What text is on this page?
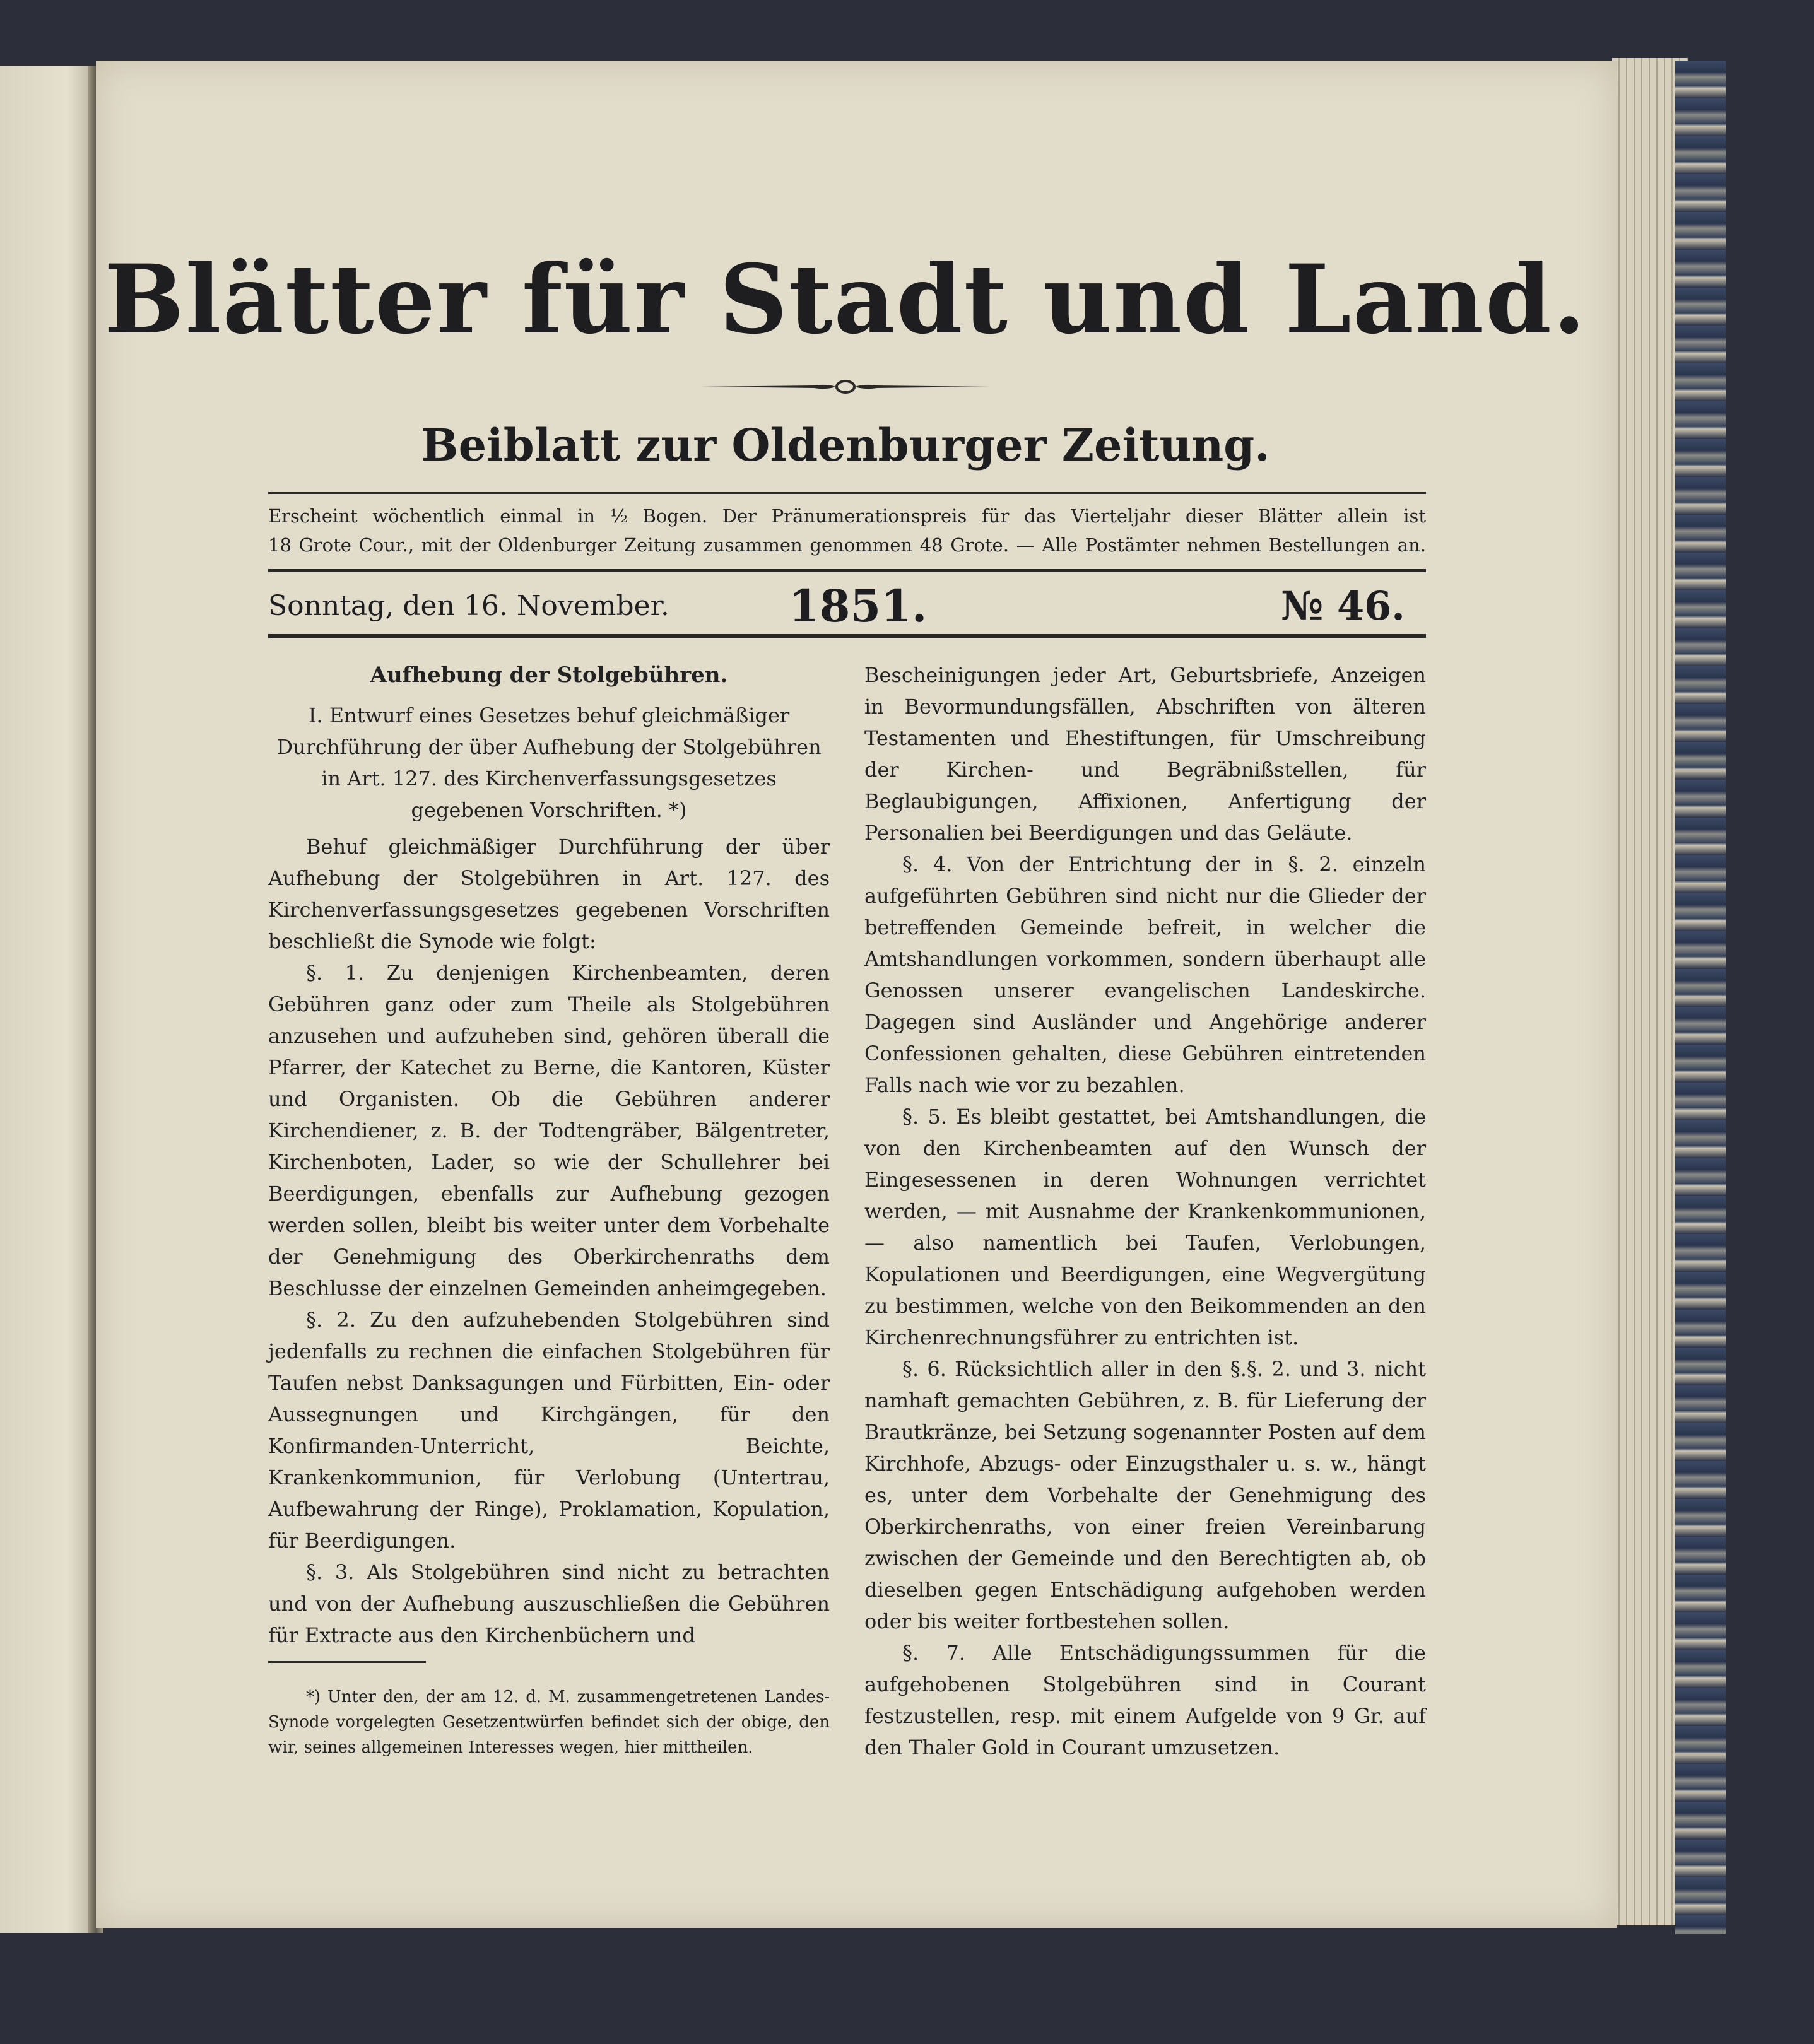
Blätter für Stadt und Land.
Beiblatt zur Oldenburger Zeitung.
Erscheint wöchentlich einmal in ½ Bogen. Der Pränumerationspreis für das Vierteljahr dieser Blätter allein ist
18 Grote Cour., mit der Oldenburger Zeitung zusammen genommen 48 Grote. — Alle Postämter nehmen Bestellungen an.
Sonntag, den 16. November.	1851.	№ 46.

Aufhebung der Stolgebühren.

I. Entwurf eines Gesetzes behuf gleichmäßiger Durchführung der über Aufhebung der Stolgebühren in Art. 127. des Kirchenverfassungsgesetzes gegebenen Vorschriften. *)

Behuf gleichmäßiger Durchführung der über Aufhebung der Stolgebühren in Art. 127. des Kirchenverfassungsgesetzes gegebenen Vorschriften beschließt die Synode wie folgt:

§. 1. Zu denjenigen Kirchenbeamten, deren Gebühren ganz oder zum Theile als Stolgebühren anzusehen und aufzuheben sind, gehören überall die Pfarrer, der Katechet zu Berne, die Kantoren, Küster und Organisten. Ob die Gebühren anderer Kirchendiener, z. B. der Todtengräber, Bälgentreter, Kirchenboten, Lader, so wie der Schullehrer bei Beerdigungen, ebenfalls zur Aufhebung gezogen werden sollen, bleibt bis weiter unter dem Vorbehalte der Genehmigung des Oberkirchenraths dem Beschlusse der einzelnen Gemeinden anheimgegeben.

§. 2. Zu den aufzuhebenden Stolgebühren sind jedenfalls zu rechnen die einfachen Stolgebühren für Taufen nebst Danksagungen und Fürbitten, Ein- oder Aussegnungen und Kirchgängen, für den Konfirmanden-Unterricht, Beichte, Krankenkommunion, für Verlobung (Untertrau, Aufbewahrung der Ringe), Proklamation, Kopulation, für Beerdigungen.

§. 3. Als Stolgebühren sind nicht zu betrachten und von der Aufhebung auszuschließen die Gebühren für Extracte aus den Kirchenbüchern und

*) Unter den, der am 12. d. M. zusammengetretenen Landes-Synode vorgelegten Gesetzentwürfen befindet sich der obige, den wir, seines allgemeinen Interesses wegen, hier mittheilen.

Bescheinigungen jeder Art, Geburtsbriefe, Anzeigen in Bevormundungsfällen, Abschriften von älteren Testamenten und Ehestiftungen, für Umschreibung der Kirchen- und Begräbnißstellen, für Beglaubigungen, Affixionen, Anfertigung der Personalien bei Beerdigungen und das Geläute.

§. 4. Von der Entrichtung der in §. 2. einzeln aufgeführten Gebühren sind nicht nur die Glieder der betreffenden Gemeinde befreit, in welcher die Amtshandlungen vorkommen, sondern überhaupt alle Genossen unserer evangelischen Landeskirche. Dagegen sind Ausländer und Angehörige anderer Confessionen gehalten, diese Gebühren eintretenden Falls nach wie vor zu bezahlen.

§. 5. Es bleibt gestattet, bei Amtshandlungen, die von den Kirchenbeamten auf den Wunsch der Eingesessenen in deren Wohnungen verrichtet werden, — mit Ausnahme der Krankenkommunionen, — also namentlich bei Taufen, Verlobungen, Kopulationen und Beerdigungen, eine Wegvergütung zu bestimmen, welche von den Beikommenden an den Kirchenrechnungsführer zu entrichten ist.

§. 6. Rücksichtlich aller in den §.§. 2. und 3. nicht namhaft gemachten Gebühren, z. B. für Lieferung der Brautkränze, bei Setzung sogenannter Posten auf dem Kirchhofe, Abzugs- oder Einzugsthaler u. s. w., hängt es, unter dem Vorbehalte der Genehmigung des Oberkirchenraths, von einer freien Vereinbarung zwischen der Gemeinde und den Berechtigten ab, ob dieselben gegen Entschädigung aufgehoben werden oder bis weiter fortbestehen sollen.

§. 7. Alle Entschädigungssummen für die aufgehobenen Stolgebühren sind in Courant festzustellen, resp. mit einem Aufgelde von 9 Gr. auf den Thaler Gold in Courant umzusetzen.
